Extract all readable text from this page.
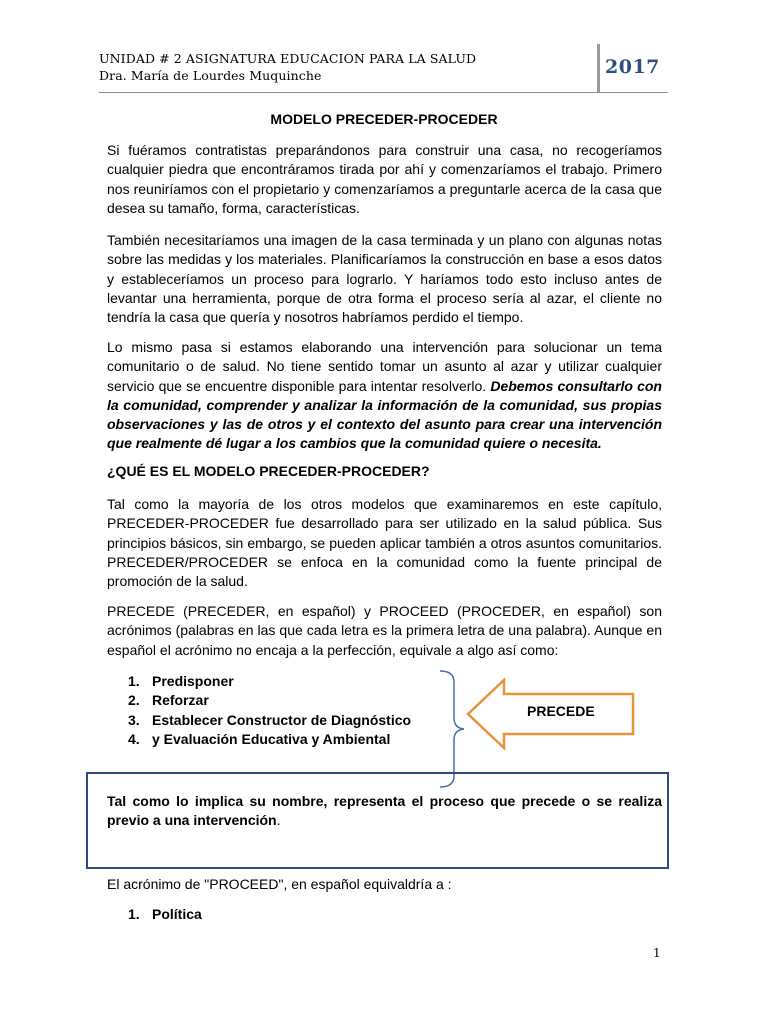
UNIDAD # 2 ASIGNATURA EDUCACION PARA LA SALUD
Dra. María de Lourdes Muquinche	2017
MODELO PRECEDER-PROCEDER
Si fuéramos contratistas preparándonos para construir una casa, no recogeríamos cualquier piedra que encontráramos tirada por ahí y comenzaríamos el trabajo. Primero nos reuniríamos con el propietario y comenzaríamos a preguntarle acerca de la casa que desea su tamaño, forma, características.
También necesitaríamos una imagen de la casa terminada y un plano con algunas notas sobre las medidas y los materiales. Planificaríamos la construcción en base a esos datos y estableceríamos un proceso para lograrlo. Y haríamos todo esto incluso antes de levantar una herramienta, porque de otra forma el proceso sería al azar, el cliente no tendría la casa que quería y nosotros habríamos perdido el tiempo.
Lo mismo pasa si estamos elaborando una intervención para solucionar un tema comunitario o de salud. No tiene sentido tomar un asunto al azar y utilizar cualquier servicio que se encuentre disponible para intentar resolverlo. Debemos consultarlo con la comunidad, comprender y analizar la información de la comunidad, sus propias observaciones y las de otros y el contexto del asunto para crear una intervención que realmente dé lugar a los cambios que la comunidad quiere o necesita.
¿QUÉ ES EL MODELO PRECEDER-PROCEDER?
Tal como la mayoría de los otros modelos que examinaremos en este capítulo, PRECEDER-PROCEDER fue desarrollado para ser utilizado en la salud pública. Sus principios básicos, sin embargo, se pueden aplicar también a otros asuntos comunitarios. PRECEDER/PROCEDER se enfoca en la comunidad como la fuente principal de promoción de la salud.
PRECEDE (PRECEDER, en español) y PROCEED (PROCEDER, en español) son acrónimos (palabras en las que cada letra es la primera letra de una palabra). Aunque en español el acrónimo no encaja a la perfección, equivale a algo así como:
1. Predisponer
2. Reforzar
3. Establecer Constructor de Diagnóstico
4. y Evaluación Educativa y Ambiental
PRECEDE
Tal como lo implica su nombre, representa el proceso que precede o se realiza previo a una intervención.
El acrónimo de "PROCEED", en español equivaldría a :
1. Política
1
